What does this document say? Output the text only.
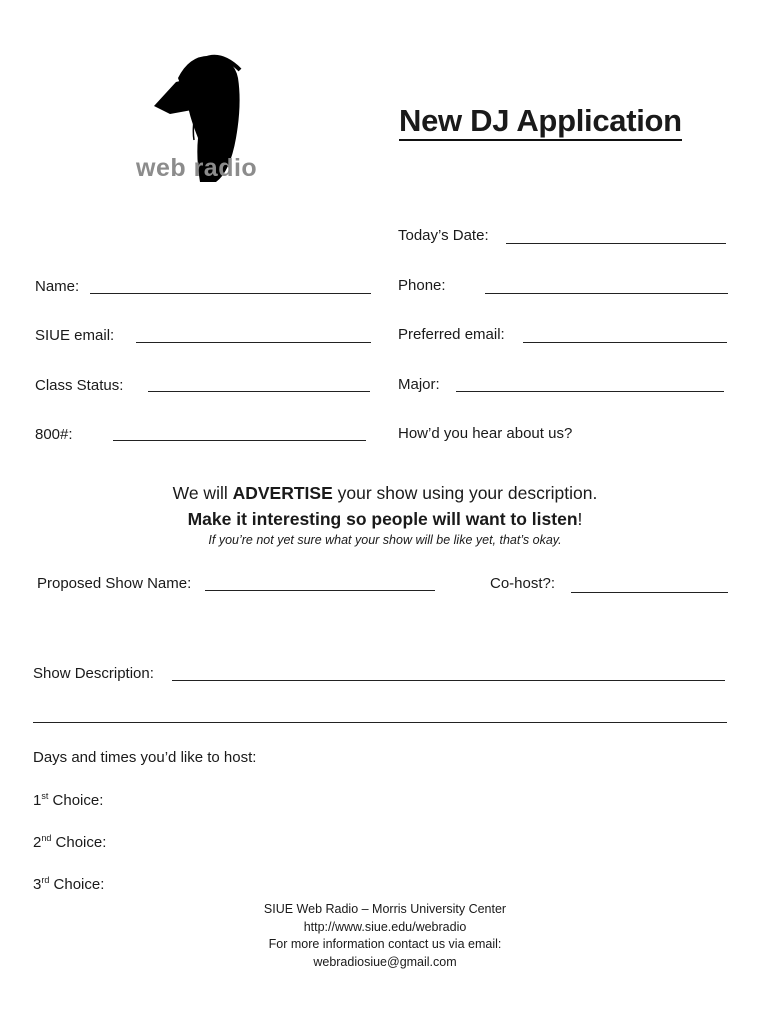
web radio
New DJ Application
Today’s Date:
Name:	Phone:
SIUE email:	Preferred email:
Class Status:	Major:
800#:	How’d you hear about us?
We will ADVERTISE your show using your description.
Make it interesting so people will want to listen!
If you’re not yet sure what your show will be like yet, that’s okay.
Proposed Show Name:	Co-host?:
Show Description:
Days and times you’d like to host:
1st Choice:
2nd Choice:
3rd Choice:
SIUE Web Radio – Morris University Center
http://www.siue.edu/webradio
For more information contact us via email:
webradiosiue@gmail.com
